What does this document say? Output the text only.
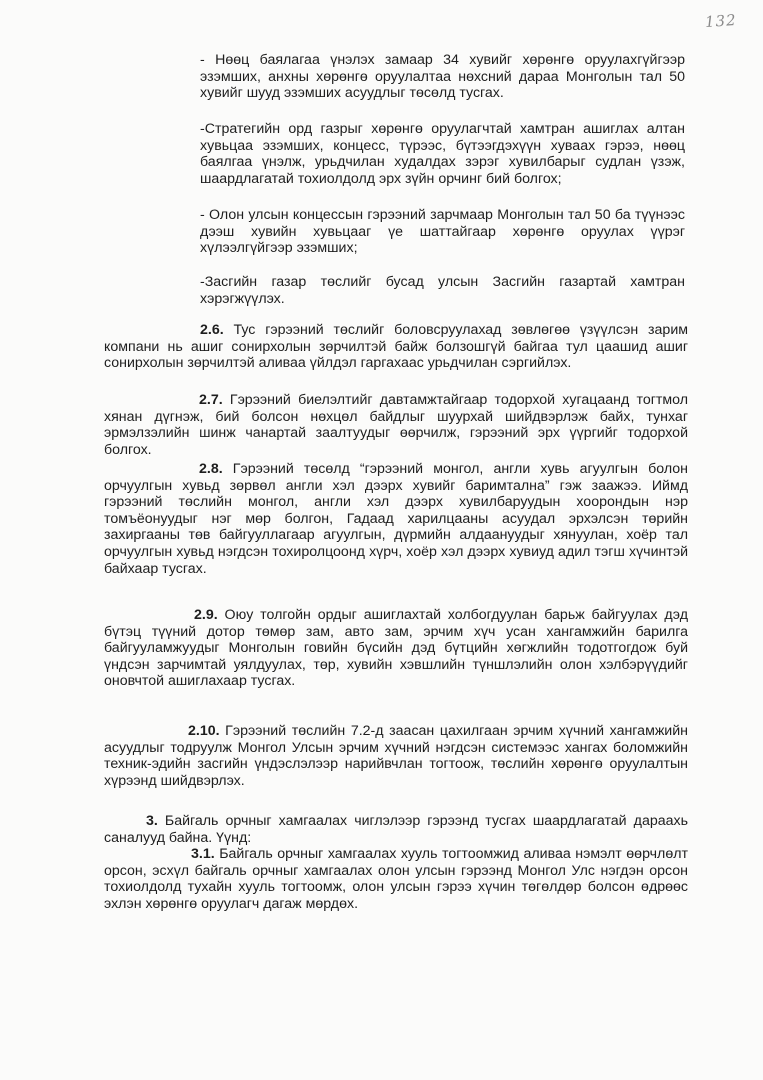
132

- Нөөц баялагаа үнэлэх замаар 34 хувийг хөрөнгө оруулахгүйгээр эзэмших, анхны хөрөнгө оруулалтаа нөхсний дараа Монголын тал 50 хувийг шууд эзэмших асуудлыг төсөлд тусгах.

-Стратегийн орд газрыг хөрөнгө оруулагчтай хамтран ашиглах алтан хувьцаа эзэмших, концесс, түрээс, бүтээгдэхүүн хуваах гэрээ, нөөц баялгаа үнэлж, урьдчилан худалдах зэрэг хувилбарыг судлан үзэж, шаардлагатай тохиолдолд эрх зүйн орчинг бий болгох;

- Олон улсын концессын гэрээний зарчмаар Монголын тал 50 ба түүнээс дээш хувийн хувьцааг үе шаттайгаар хөрөнгө оруулах үүрэг хүлээлгүйгээр эзэмших;

-Засгийн газар төслийг бусад улсын Засгийн газартай хамтран хэрэгжүүлэх.

2.6. Тус гэрээний төслийг боловсруулахад зөвлөгөө үзүүлсэн зарим компани нь ашиг сонирхолын зөрчилтэй байж болзошгүй байгаа тул цаашид ашиг сонирхолын зөрчилтэй аливаа үйлдэл гаргахаас урьдчилан сэргийлэх.

2.7. Гэрээний биелэлтийг давтамжтайгаар тодорхой хугацаанд тогтмол хянан дүгнэж, бий болсон нөхцөл байдлыг шуурхай шийдвэрлэж байх, тунхаг эрмэлзэлийн шинж чанартай заалтуудыг өөрчилж, гэрээний эрх үүргийг тодорхой болгох.

2.8. Гэрээний төсөлд “гэрээний монгол, англи хувь агуулгын болон орчуулгын хувьд зөрвөл англи хэл дээрх хувийг баримтална” гэж заажээ. Иймд гэрээний төслийн монгол, англи хэл дээрх хувилбаруудын хоорондын нэр томъёонуудыг нэг мөр болгон, Гадаад харилцааны асуудал эрхэлсэн төрийн захиргааны төв байгууллагаар агуулгын, дүрмийн алдаануудыг хянуулан, хоёр тал орчуулгын хувьд нэгдсэн тохиролцоонд хүрч, хоёр хэл дээрх хувиуд адил тэгш хүчинтэй байхаар тусгах.

2.9. Оюу толгойн ордыг ашиглахтай холбогдуулан барьж байгуулах дэд бүтэц түүний дотор төмөр зам, авто зам, эрчим хүч усан хангамжийн барилга байгууламжуудыг Монголын говийн бүсийн дэд бүтцийн хөгжлийн тодотгогдож буй үндсэн зарчимтай уялдуулах, төр, хувийн хэвшлийн түншлэлийн олон хэлбэрүүдийг оновчтой ашиглахаар тусгах.

2.10. Гэрээний төслийн 7.2-д заасан цахилгаан эрчим хүчний хангамжийн асуудлыг тодруулж Монгол Улсын эрчим хүчний нэгдсэн системээс хангах боломжийн техник-эдийн засгийн үндэслэлээр нарийвчлан тогтоож, төслийн хөрөнгө оруулалтын хүрээнд шийдвэрлэх.

3. Байгаль орчныг хамгаалах чиглэлээр гэрээнд тусгах шаардлагатай дараахь саналууд байна. Үүнд:

3.1. Байгаль орчныг хамгаалах хууль тогтоомжид аливаа нэмэлт өөрчлөлт орсон, эсхүл байгаль орчныг хамгаалах олон улсын гэрээнд Монгол Улс нэгдэн орсон тохиолдолд тухайн хууль тогтоомж, олон улсын гэрээ хүчин төгөлдөр болсон өдрөөс эхлэн хөрөнгө оруулагч дагаж мөрдөх.
